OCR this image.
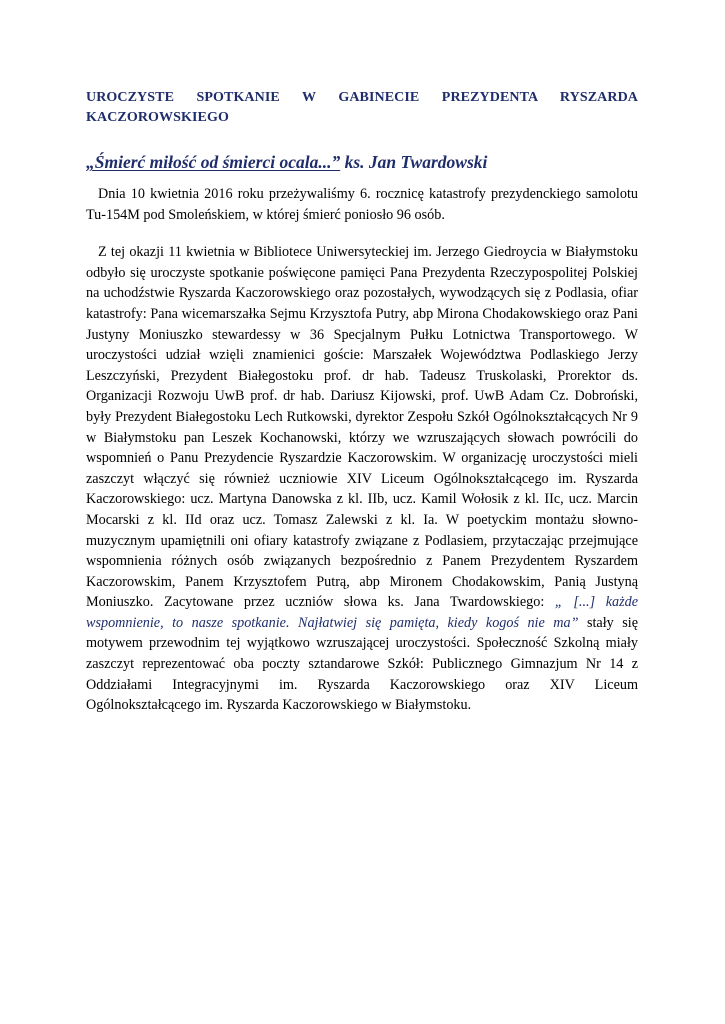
UROCZYSTE SPOTKANIE W GABINECIE PREZYDENTA RYSZARDA KACZOROWSKIEGO
„Śmierć miłość od śmierci ocala...” ks. Jan Twardowski

Dnia 10 kwietnia 2016 roku przeżywaliśmy 6. rocznicę katastrofy prezydenckiego samolotu Tu-154M pod Smoleńskiem, w której śmierć poniosło 96 osób.

Z tej okazji 11 kwietnia w Bibliotece Uniwersyteckiej im. Jerzego Giedroycia w Białymstoku odbyło się uroczyste spotkanie poświęcone pamięci Pana Prezydenta Rzeczypospolitej Polskiej na uchodźstwie Ryszarda Kaczorowskiego oraz pozostałych, wywodzących się z Podlasia, ofiar katastrofy: Pana wicemarszałka Sejmu Krzysztofa Putry, abp Mirona Chodakowskiego oraz Pani Justyny Moniuszko stewardessy w 36 Specjalnym Pułku Lotnictwa Transportowego. W uroczystości udział wzięli znamienici goście: Marszałek Województwa Podlaskiego Jerzy Leszczyński, Prezydent Białegostoku prof. dr hab. Tadeusz Truskolaski, Prorektor ds. Organizacji Rozwoju UwB prof. dr hab. Dariusz Kijowski, prof. UwB Adam Cz. Dobroński, były Prezydent Białegostoku Lech Rutkowski, dyrektor Zespołu Szkół Ogólnokształcących Nr 9 w Białymstoku pan Leszek Kochanowski, którzy we wzruszających słowach powrócili do wspomnień o Panu Prezydencie Ryszardzie Kaczorowskim. W organizację uroczystości mieli zaszczyt włączyć się również uczniowie XIV Liceum Ogólnokształcącego im. Ryszarda Kaczorowskiego: ucz. Martyna Danowska z kl. IIb, ucz. Kamil Wołosik z kl. IIc, ucz. Marcin Mocarski z kl. IId oraz ucz. Tomasz Zalewski z kl. Ia. W poetyckim montażu słowno-muzycznym upamiętnili oni ofiary katastrofy związane z Podlasiem, przytaczając przejmujące wspomnienia różnych osób związanych bezpośrednio z Panem Prezydentem Ryszardem Kaczorowskim, Panem Krzysztofem Putrą, abp Mironem Chodakowskim, Panią Justyną Moniuszko. Zacytowane przez uczniów słowa ks. Jana Twardowskiego: „ [...] każde wspomnienie, to nasze spotkanie. Najłatwiej się pamięta, kiedy kogoś nie ma” stały się motywem przewodnim tej wyjątkowo wzruszającej uroczystości. Społeczność Szkolną miały zaszczyt reprezentować oba poczty sztandarowe Szkół: Publicznego Gimnazjum Nr 14 z Oddziałami Integracyjnymi im. Ryszarda Kaczorowskiego oraz XIV Liceum Ogólnokształcącego im. Ryszarda Kaczorowskiego w Białymstoku.
